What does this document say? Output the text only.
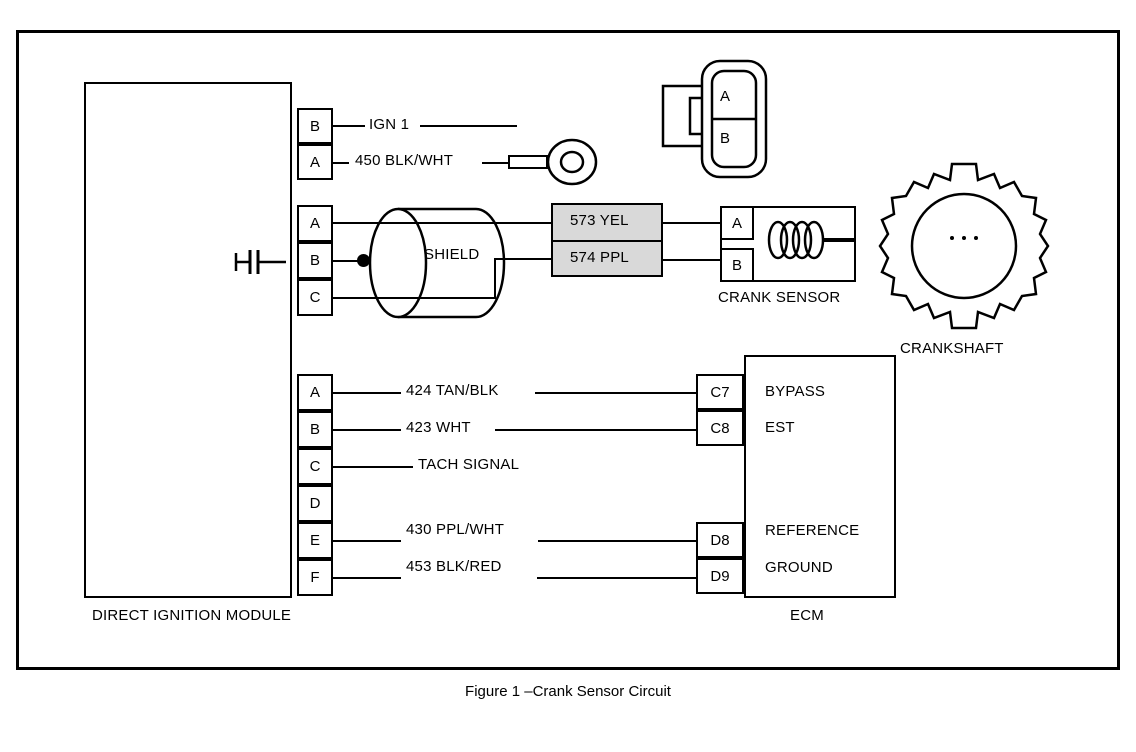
DIRECT IGNITION MODULE
B
A
A
B
C
A
B
C
D
E
F
IGN 1
450 BLK/WHT
SHIELD
573 YEL
574 PPL
A
B
CRANK SENSOR
A
B
CRANKSHAFT
424 TAN/BLK
423 WHT
TACH SIGNAL
430 PPL/WHT
453 BLK/RED
C7
C8
D8
D9
BYPASS
EST
REFERENCE
GROUND
ECM
Figure 1 –Crank Sensor Circuit
